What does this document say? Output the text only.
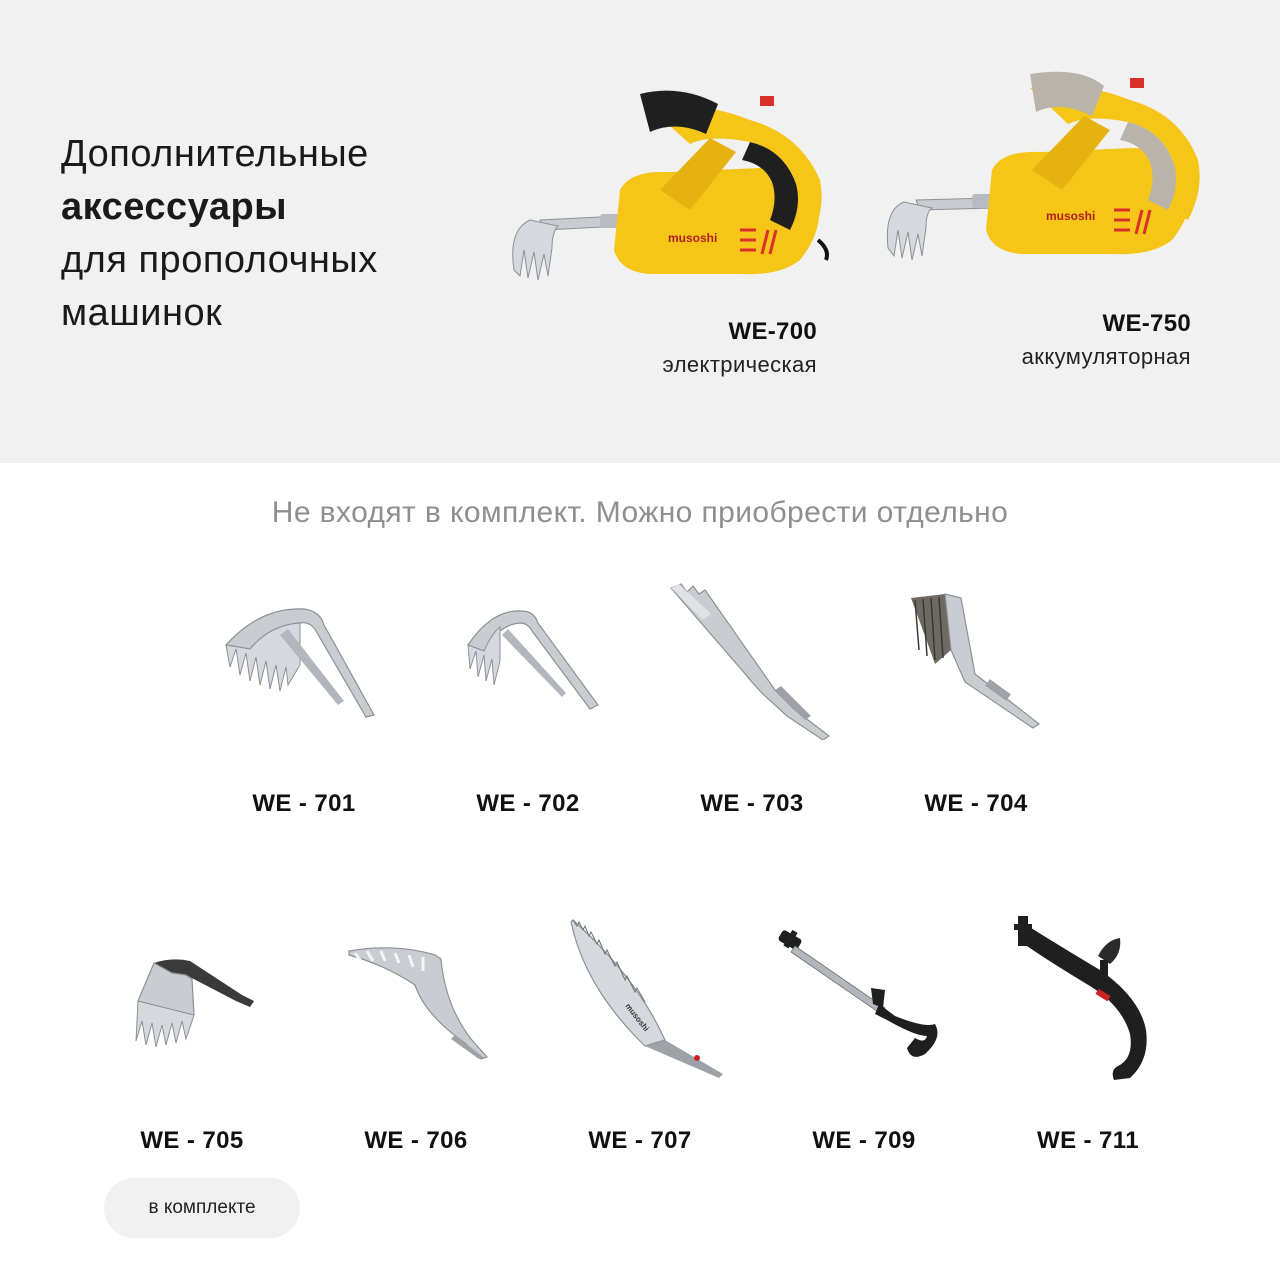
Дополнительные
аксессуары
для прополочных
машинок
musoshi
WE-700
электрическая
musoshi
WE-750
аккумуляторная
Не входят в комплект. Можно приобрести отдельно
WE - 701	WE - 702	WE - 703	WE - 704
WE - 705	WE - 706
musoshi
WE - 707	WE - 709	WE - 711
в комплекте
